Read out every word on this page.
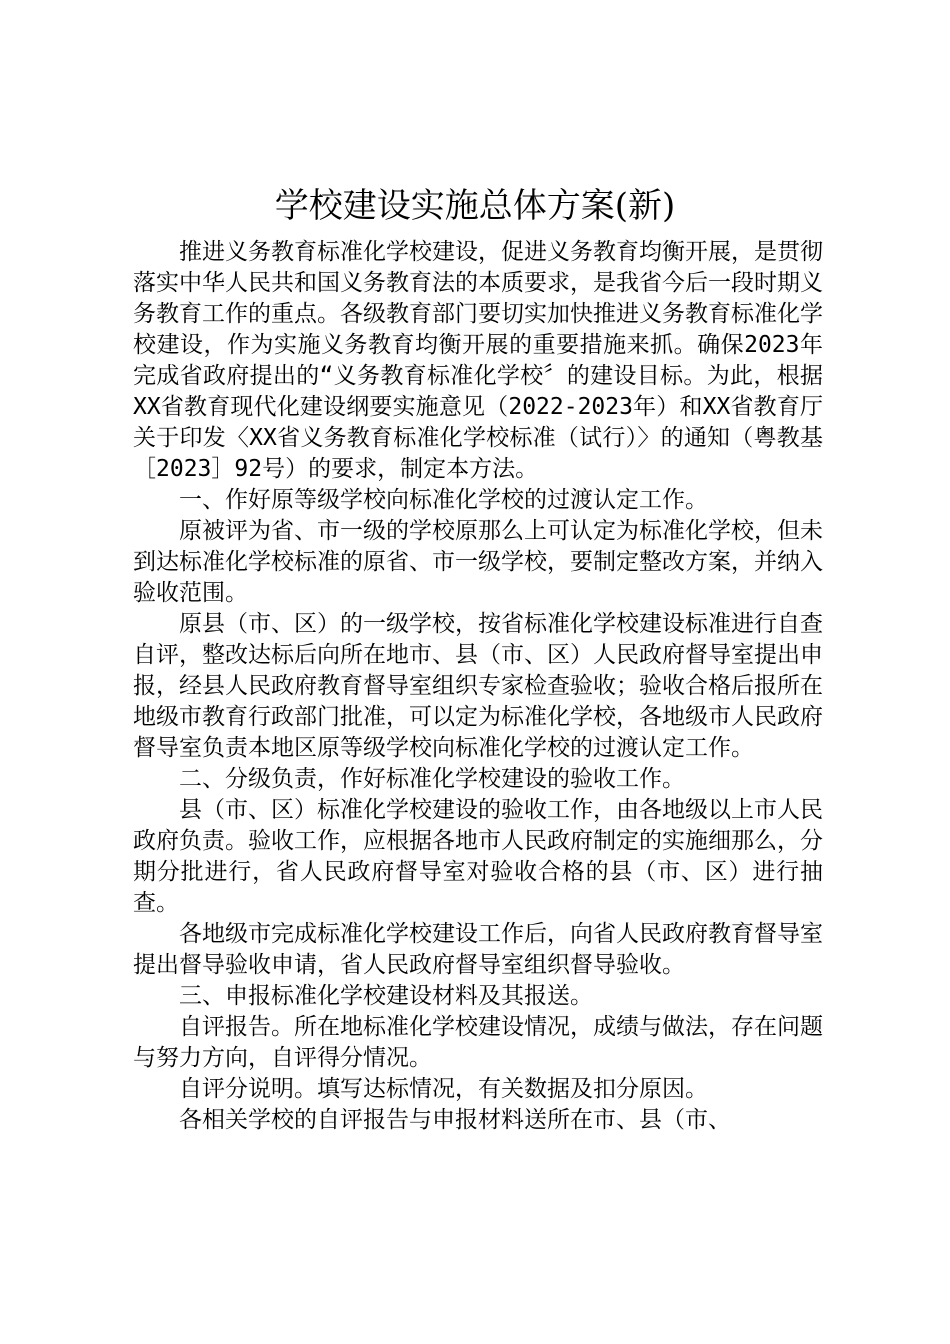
学校建设实施总体方案(新)

推进义务教育标准化学校建设，促进义务教育均衡开展，是贯彻落实中华人民共和国义务教育法的本质要求，是我省今后一段时期义务教育工作的重点。各级教育部门要切实加快推进义务教育标准化学校建设，作为实施义务教育均衡开展的重要措施来抓。确保2023年完成省政府提出的“义务教育标准化学校〞的建设目标。为此，根据XX省教育现代化建设纲要实施意见（2022-2023年）和XX省教育厅关于印发〈XX省义务教育标准化学校标准（试行）〉的通知（粤教基［2023］92号）的要求，制定本方法。

一、作好原等级学校向标准化学校的过渡认定工作。

原被评为省、市一级的学校原那么上可认定为标准化学校，但未到达标准化学校标准的原省、市一级学校，要制定整改方案，并纳入验收范围。

原县（市、区）的一级学校，按省标准化学校建设标准进行自查自评，整改达标后向所在地市、县（市、区）人民政府督导室提出申报，经县人民政府教育督导室组织专家检查验收；验收合格后报所在地级市教育行政部门批准，可以定为标准化学校，各地级市人民政府督导室负责本地区原等级学校向标准化学校的过渡认定工作。

二、分级负责，作好标准化学校建设的验收工作。

县（市、区）标准化学校建设的验收工作，由各地级以上市人民政府负责。验收工作，应根据各地市人民政府制定的实施细那么，分期分批进行，省人民政府督导室对验收合格的县（市、区）进行抽查。

各地级市完成标准化学校建设工作后，向省人民政府教育督导室提出督导验收申请，省人民政府督导室组织督导验收。

三、申报标准化学校建设材料及其报送。

自评报告。所在地标准化学校建设情况，成绩与做法，存在问题与努力方向，自评得分情况。

自评分说明。填写达标情况，有关数据及扣分原因。

各相关学校的自评报告与申报材料送所在市、县（市、
